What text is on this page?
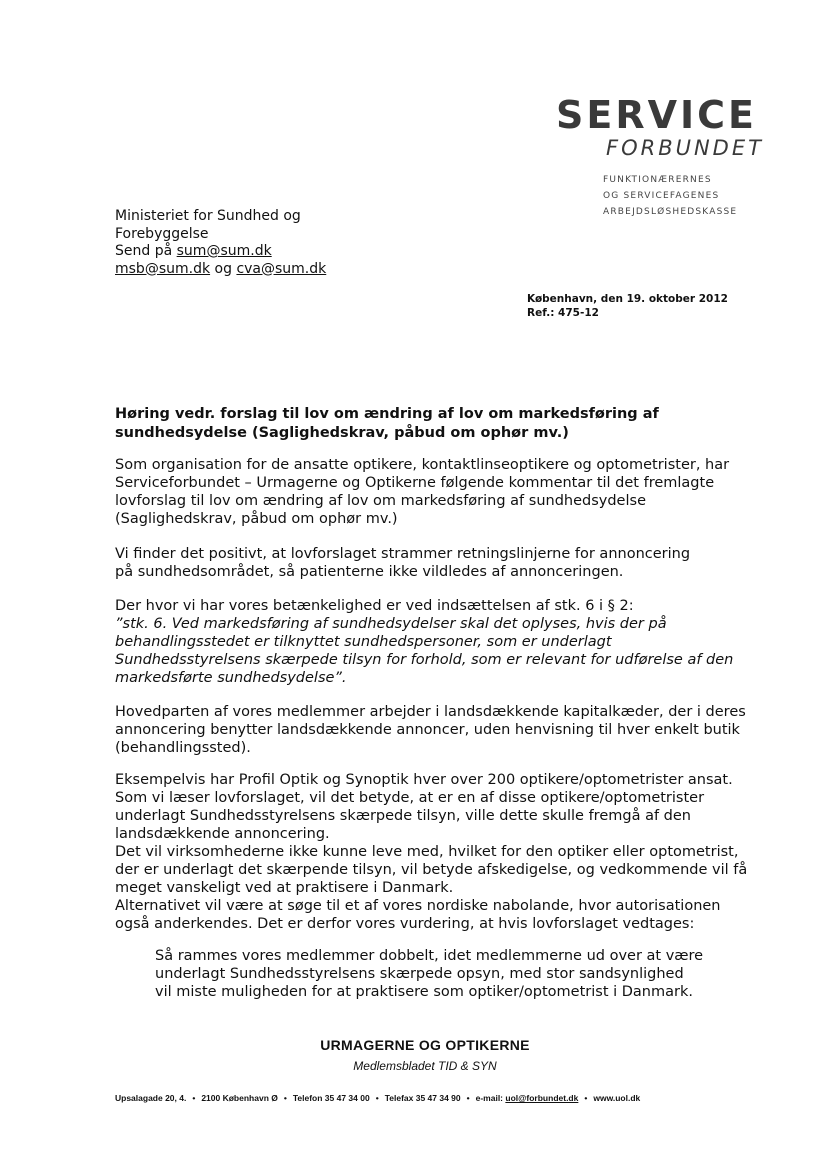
SERVICE
FORBUNDET
FUNKTIONÆRERNES
OG SERVICEFAGENES
ARBEJDSLØSHEDSKASSE
Ministeriet for Sundhed og
Forebyggelse
Send på sum@sum.dk
msb@sum.dk og cva@sum.dk
København, den 19. oktober 2012
Ref.: 475-12
Høring vedr. forslag til lov om ændring af lov om markedsføring af
sundhedsydelse (Saglighedskrav, påbud om ophør mv.)
Som organisation for de ansatte optikere, kontaktlinseoptikere og optometrister, har
Serviceforbundet – Urmagerne og Optikerne følgende kommentar til det fremlagte
lovforslag til lov om ændring af lov om markedsføring af sundhedsydelse
(Saglighedskrav, påbud om ophør mv.)
Vi finder det positivt, at lovforslaget strammer retningslinjerne for annoncering
på sundhedsområdet, så patienterne ikke vildledes af annonceringen.
Der hvor vi har vores betænkelighed er ved indsættelsen af stk. 6 i § 2:
”stk. 6. Ved markedsføring af sundhedsydelser skal det oplyses, hvis der på
behandlingsstedet er tilknyttet sundhedspersoner, som er underlagt
Sundhedsstyrelsens skærpede tilsyn for forhold, som er relevant for udførelse af den
markedsførte sundhedsydelse”.
Hovedparten af vores medlemmer arbejder i landsdækkende kapitalkæder, der i deres
annoncering benytter landsdækkende annoncer, uden henvisning til hver enkelt butik
(behandlingssted).
Eksempelvis har Profil Optik og Synoptik hver over 200 optikere/optometrister ansat.
Som vi læser lovforslaget, vil det betyde, at er en af disse optikere/optometrister
underlagt Sundhedsstyrelsens skærpede tilsyn, ville dette skulle fremgå af den
landsdækkende annoncering.
Det vil virksomhederne ikke kunne leve med, hvilket for den optiker eller optometrist,
der er underlagt det skærpende tilsyn, vil betyde afskedigelse, og vedkommende vil få
meget vanskeligt ved at praktisere i Danmark.
Alternativet vil være at søge til et af vores nordiske nabolande, hvor autorisationen
også anderkendes. Det er derfor vores vurdering, at hvis lovforslaget vedtages:
Så rammes vores medlemmer dobbelt, idet medlemmerne ud over at være
underlagt Sundhedsstyrelsens skærpede opsyn, med stor sandsynlighed
vil miste muligheden for at praktisere som optiker/optometrist i Danmark.
URMAGERNE OG OPTIKERNE
Medlemsbladet TID & SYN
Upsalagade 20, 4. • 2100 København Ø • Telefon 35 47 34 00 • Telefax 35 47 34 90 • e-mail: uol@forbundet.dk • www.uol.dk
